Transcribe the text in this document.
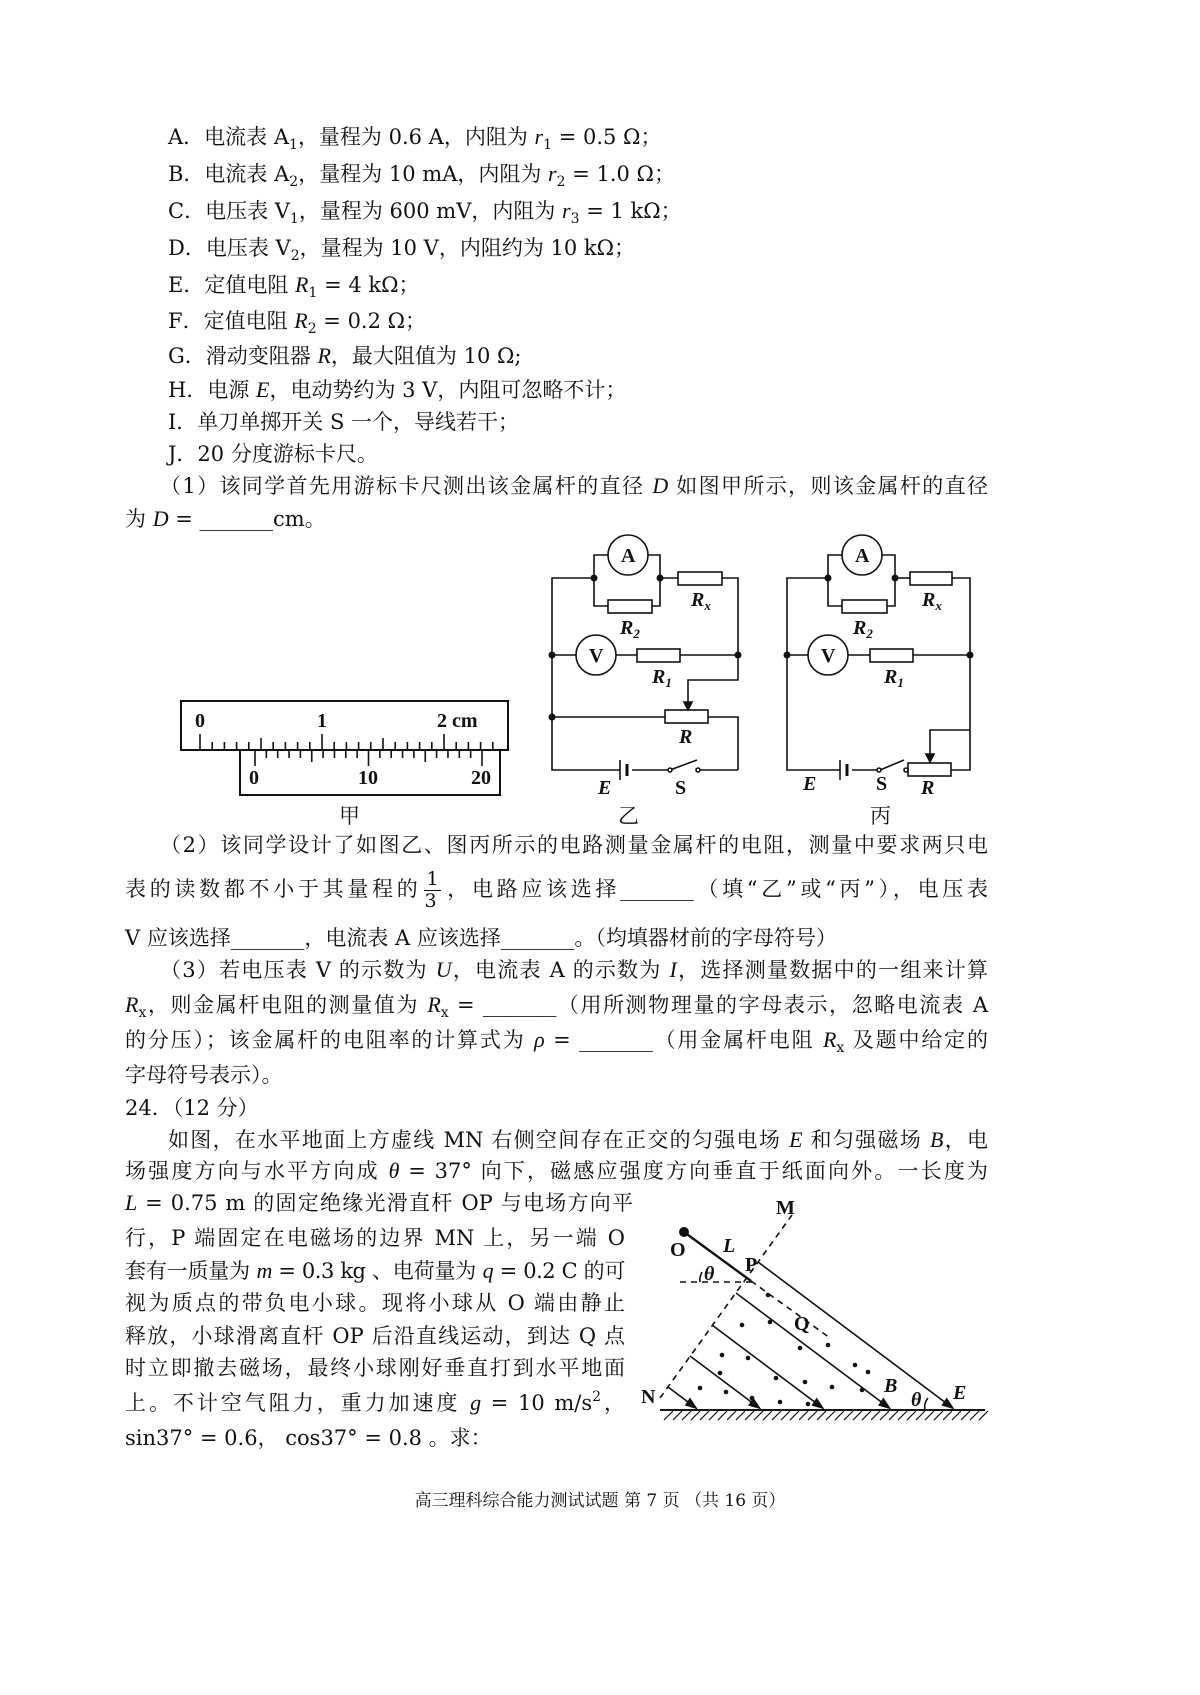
A．电流表 $A_1$，量程为 0.6 A，内阻为 $r_1 = 0.5$ Ω；
B．电流表 $A_2$，量程为 10 mA，内阻为 $r_2 = 1.0$ Ω；
C．电压表 $V_1$，量程为 600 mV，内阻为 $r_3 = 1$ kΩ；
D．电压表 $V_2$，量程为 10 V，内阻约为 10 kΩ；
E．定值电阻 $R_1 = 4$ kΩ；
F．定值电阻 $R_2 = 0.2$ Ω；
G．滑动变阻器 R，最大阻值为 10 Ω;
H．电源 E，电动势约为 3 V，内阻可忽略不计；
I．单刀单掷开关 S 一个，导线若干；
J．20 分度游标卡尺。
（1）该同学首先用游标卡尺测出该金属杆的直径 D 如图甲所示，则该金属杆的直径
为 D = _______cm。
0	1	2 cm
0	10	20
A
V
$R_2$
$R_x$
$R_1$
R
E	S
A
V
$R_2$
$R_x$
$R_1$
R
E	S
M
O L
θ P
Q
B
θ E
N
甲	乙	丙
（2）该同学设计了如图乙、图丙所示的电路测量金属杆的电阻，测量中要求两只电
表的读数都不小于其量程的 $\frac{1}{3}$ ，电路应该选择_______（填“乙”或“丙”），电压表
V 应该选择_______，电流表 A 应该选择_______。（均填器材前的字母符号）
（3）若电压表 V 的示数为 U，电流表 A 的示数为 I，选择测量数据中的一组来计算
$R_x$，则金属杆电阻的测量值为 $R_x$ = _______（用所测物理量的字母表示，忽略电流表 A
的分压）；该金属杆的电阻率的计算式为 ρ = _______（用金属杆电阻 $R_x$ 及题中给定的
字母符号表示）。
24．（12 分）
如图，在水平地面上方虚线 MN 右侧空间存在正交的匀强电场 E 和匀强磁场 B，电
场强度方向与水平方向成 θ = 37° 向下，磁感应强度方向垂直于纸面向外。一长度为
L = 0.75 m 的固定绝缘光滑直杆 OP 与电场方向平
行，P 端固定在电磁场的边界 MN 上，另一端 O
套有一质量为 m = 0.3 kg 、电荷量为 q = 0.2 C 的可
视为质点的带负电小球。现将小球从 O 端由静止
释放，小球滑离直杆 OP 后沿直线运动，到达 Q 点
时立即撤去磁场，最终小球刚好垂直打到水平地面
上。不计空气阻力，重力加速度 g = 10 $m/s^2$，
sin37° = 0.6， cos37° = 0.8 。求：
高三理科综合能力测试试题 第 7 页 （共 16 页）
